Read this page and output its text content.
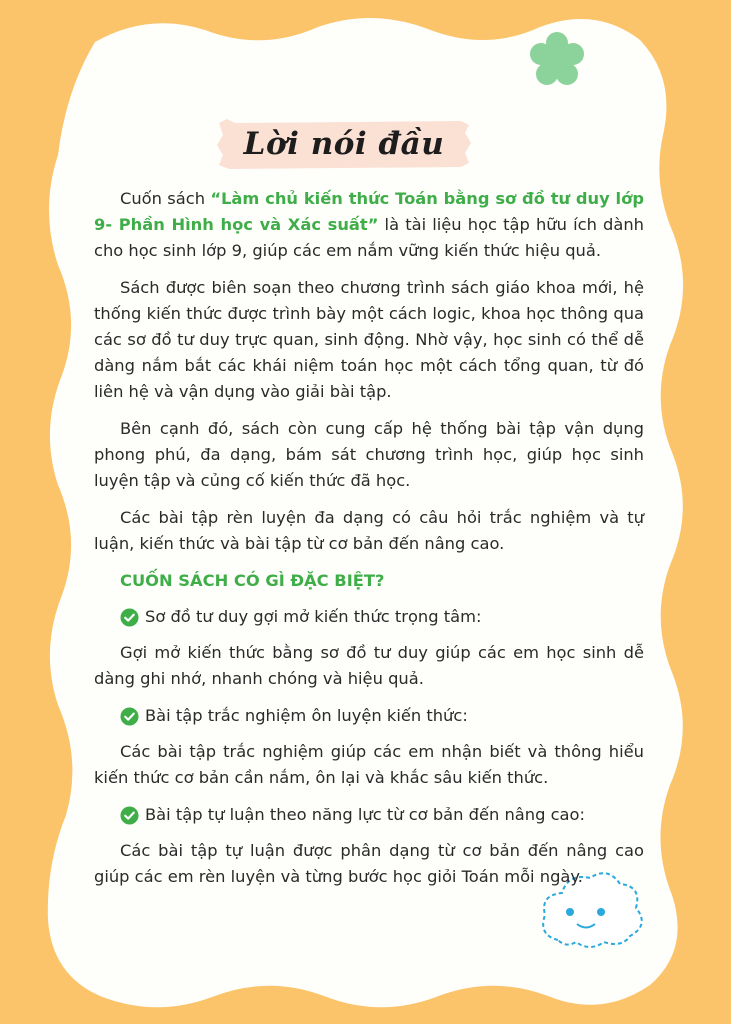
Lời nói đầu

Cuốn sách “Làm chủ kiến thức Toán bằng sơ đồ tư duy lớp 9- Phần Hình học và Xác suất” là tài liệu học tập hữu ích dành cho học sinh lớp 9, giúp các em nắm vững kiến thức hiệu quả.

Sách được biên soạn theo chương trình sách giáo khoa mới, hệ thống kiến thức được trình bày một cách logic, khoa học thông qua các sơ đồ tư duy trực quan, sinh động. Nhờ vậy, học sinh có thể dễ dàng nắm bắt các khái niệm toán học một cách tổng quan, từ đó liên hệ và vận dụng vào giải bài tập.

Bên cạnh đó, sách còn cung cấp hệ thống bài tập vận dụng phong phú, đa dạng, bám sát chương trình học, giúp học sinh luyện tập và củng cố kiến thức đã học.

Các bài tập rèn luyện đa dạng có câu hỏi trắc nghiệm và tự luận, kiến thức và bài tập từ cơ bản đến nâng cao.

CUỐN SÁCH CÓ GÌ ĐẶC BIỆT?
Sơ đồ tư duy gợi mở kiến thức trọng tâm:

Gợi mở kiến thức bằng sơ đồ tư duy giúp các em học sinh dễ dàng ghi nhớ, nhanh chóng và hiệu quả.

Bài tập trắc nghiệm ôn luyện kiến thức:

Các bài tập trắc nghiệm giúp các em nhận biết và thông hiểu kiến thức cơ bản cần nắm, ôn lại và khắc sâu kiến thức.

Bài tập tự luận theo năng lực từ cơ bản đến nâng cao:

Các bài tập tự luận được phân dạng từ cơ bản đến nâng cao giúp các em rèn luyện và từng bước học giỏi Toán mỗi ngày.
